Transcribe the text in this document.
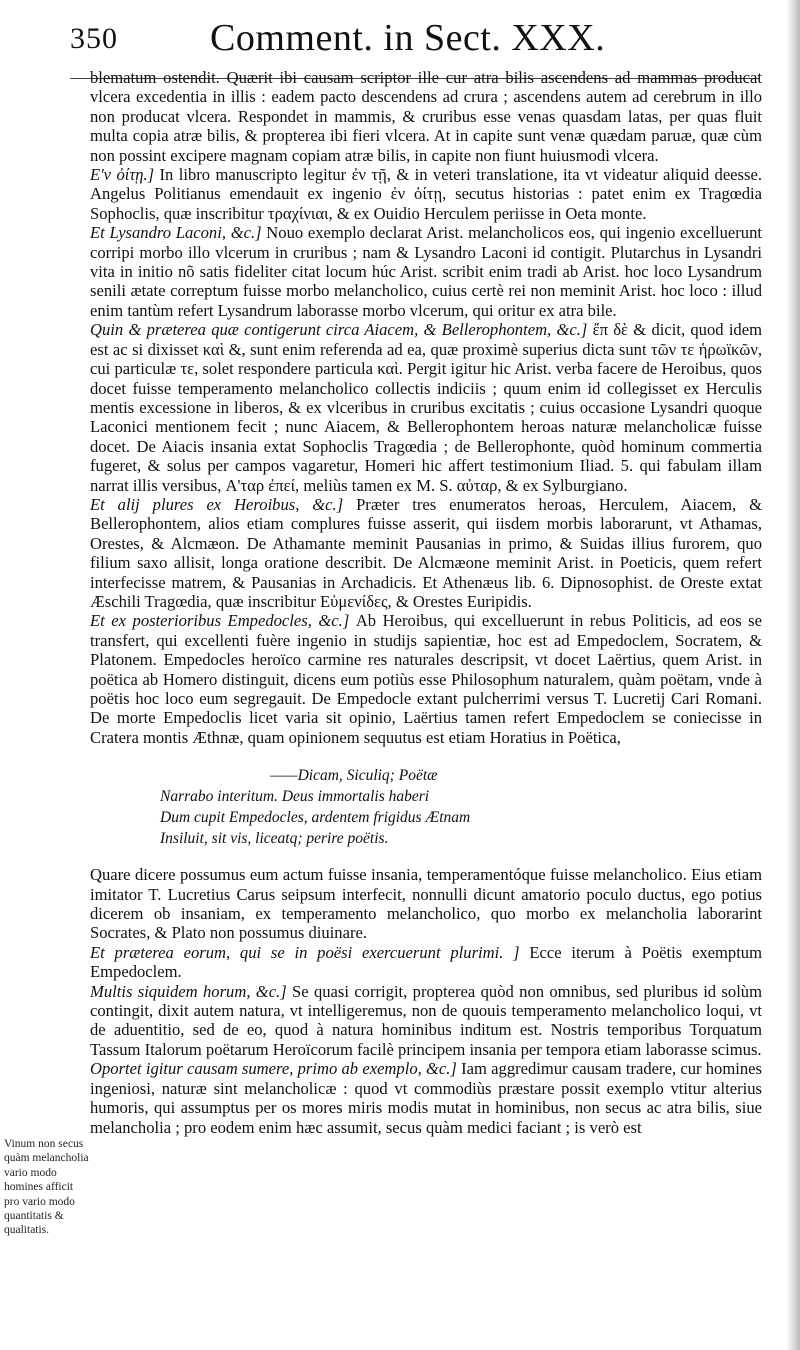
350 Comment. in Sect. XXX.

blematum ostendit. Quærit ibi causam scriptor ille cur atra bilis ascendens ad mammas producat vlcera excedentia in illis : eadem pacto descendens ad crura ; ascendens autem ad cerebrum in illo non producat vlcera. Respondet in mammis, & cruribus esse venas quasdam latas, per quas fluit multa copia atræ bilis, & propterea ibi fieri vlcera. At in capite sunt venæ quædam paruæ, quæ cùm non possint excipere magnam copiam atræ bilis, in capite non fiunt huiusmodi vlcera.

Ε'ν ὀίτῃ.] In libro manuscripto legitur ἐν τῇ, & in veteri translatione, ita vt videatur aliquid deesse. Angelus Politianus emendauit ex ingenio ἐν ὀίτῃ, secutus historias : patet enim ex Tragœdia Sophoclis, quæ inscribitur τραχίνιαι, & ex Ouidio Herculem periisse in Oeta monte.

Et Lysandro Laconi, &c.] Nouo exemplo declarat Arist. melancholicos eos, qui ingenio excelluerunt corripi morbo illo vlcerum in cruribus ; nam & Lysandro Laconi id contigit. Plutarchus in Lysandri vita in initio nõ satis fideliter citat locum húc Arist. scribit enim tradi ab Arist. hoc loco Lysandrum senili ætate correptum fuisse morbo melancholico, cuius certè rei non meminit Arist. hoc loco : illud enim tantùm refert Lysandrum laborasse morbo vlcerum, qui oritur ex atra bile.

Quin & præterea quæ contigerunt circa Aiacem, & Bellerophontem, &c.] ἔπ δὲ & dicit, quod idem est ac si dixisset καὶ &, sunt enim referenda ad ea, quæ proximè superius dicta sunt τῶν τε ἡρωϊκῶν, cui particulæ τε, solet respondere particula καὶ. Pergit igitur hic Arist. verba facere de Heroibus, quos docet fuisse temperamento melancholico collectis indiciis ; quum enim id collegisset ex Herculis mentis excessione in liberos, & ex vlceribus in cruribus excitatis ; cuius occasione Lysandri quoque Laconici mentionem fecit ; nunc Aiacem, & Bellerophontem heroas naturæ melancholicæ fuisse docet. De Aiacis insania extat Sophoclis Tragœdia ; de Bellerophonte, quòd hominum commertia fugeret, & solus per campos vagaretur, Homeri hic affert testimonium Iliad. 5. qui fabulam illam narrat illis versibus, Α'ταρ ἐπεί, meliùs tamen ex M. S. αὐταρ, & ex Sylburgiano.

Et alij plures ex Heroibus, &c.] Præter tres enumeratos heroas, Herculem, Aiacem, & Bellerophontem, alios etiam complures fuisse asserit, qui iisdem morbis laborarunt, vt Athamas, Orestes, & Alcmæon. De Athamante meminit Pausanias in primo, & Suidas illius furorem, quo filium saxo allisit, longa oratione describit. De Alcmæone meminit Arist. in Poeticis, quem refert interfecisse matrem, & Pausanias in Archadicis. Et Athenæus lib. 6. Dipnosophist. de Oreste extat Æschili Tragœdia, quæ inscribitur Εὐμενίδες, & Orestes Euripidis.

Et ex posterioribus Empedocles, &c.] Ab Heroibus, qui excelluerunt in rebus Politicis, ad eos se transfert, qui excellenti fuère ingenio in studijs sapientiæ, hoc est ad Empedoclem, Socratem, & Platonem. Empedocles heroïco carmine res naturales descripsit, vt docet Laërtius, quem Arist. in poëtica ab Homero distinguit, dicens eum potiùs esse Philosophum naturalem, quàm poëtam, vnde à poëtis hoc loco eum segregauit. De Empedocle extant pulcherrimi versus T. Lucretij Cari Romani. De morte Empedoclis licet varia sit opinio, Laërtius tamen refert Empedoclem se coniecisse in Cratera montis Æthnæ, quam opinionem sequutus est etiam Horatius in Poëtica,

——Dicam, Siculiq; Poëtæ
Narrabo interitum. Deus immortalis haberi
Dum cupit Empedocles, ardentem frigidus Ætnam
Insiluit, sit vis, liceatq; perire poëtis.

Quare dicere possumus eum actum fuisse insania, temperamentóque fuisse melancholico. Eius etiam imitator T. Lucretius Carus seipsum interfecit, nonnulli dicunt amatorio poculo ductus, ego potius dicerem ob insaniam, ex temperamento melancholico, quo morbo ex melancholia laborarint Socrates, & Plato non possumus diuinare.

Et præterea eorum, qui se in poësi exercuerunt plurimi. ] Ecce iterum à Poëtis exemptum Empedoclem.

Multis siquidem horum, &c.] Se quasi corrigit, propterea quòd non omnibus, sed pluribus id solùm contingit, dixit autem natura, vt intelligeremus, non de quouis temperamento melancholico loqui, vt de aduentitio, sed de eo, quod à natura hominibus inditum est. Nostris temporibus Torquatum Tassum Italorum poëtarum Heroïcorum facilè principem insania per tempora etiam laborasse scimus.

Oportet igitur causam sumere, primo ab exemplo, &c.] Iam aggredimur causam tradere, cur homines ingeniosi, naturæ sint melancholicæ : quod vt commodiùs præstare possit exemplo vtitur alterius humoris, qui assumptus per os mores miris modis mutat in hominibus, non secus ac atra bilis, siue melancholia ; pro eodem enim hæc assumit, secus quàm medici faciant ; is verò est

Vinum non secus quàm melancholia vario modo homines afficit pro vario modo quantitatis & qualitatis.
